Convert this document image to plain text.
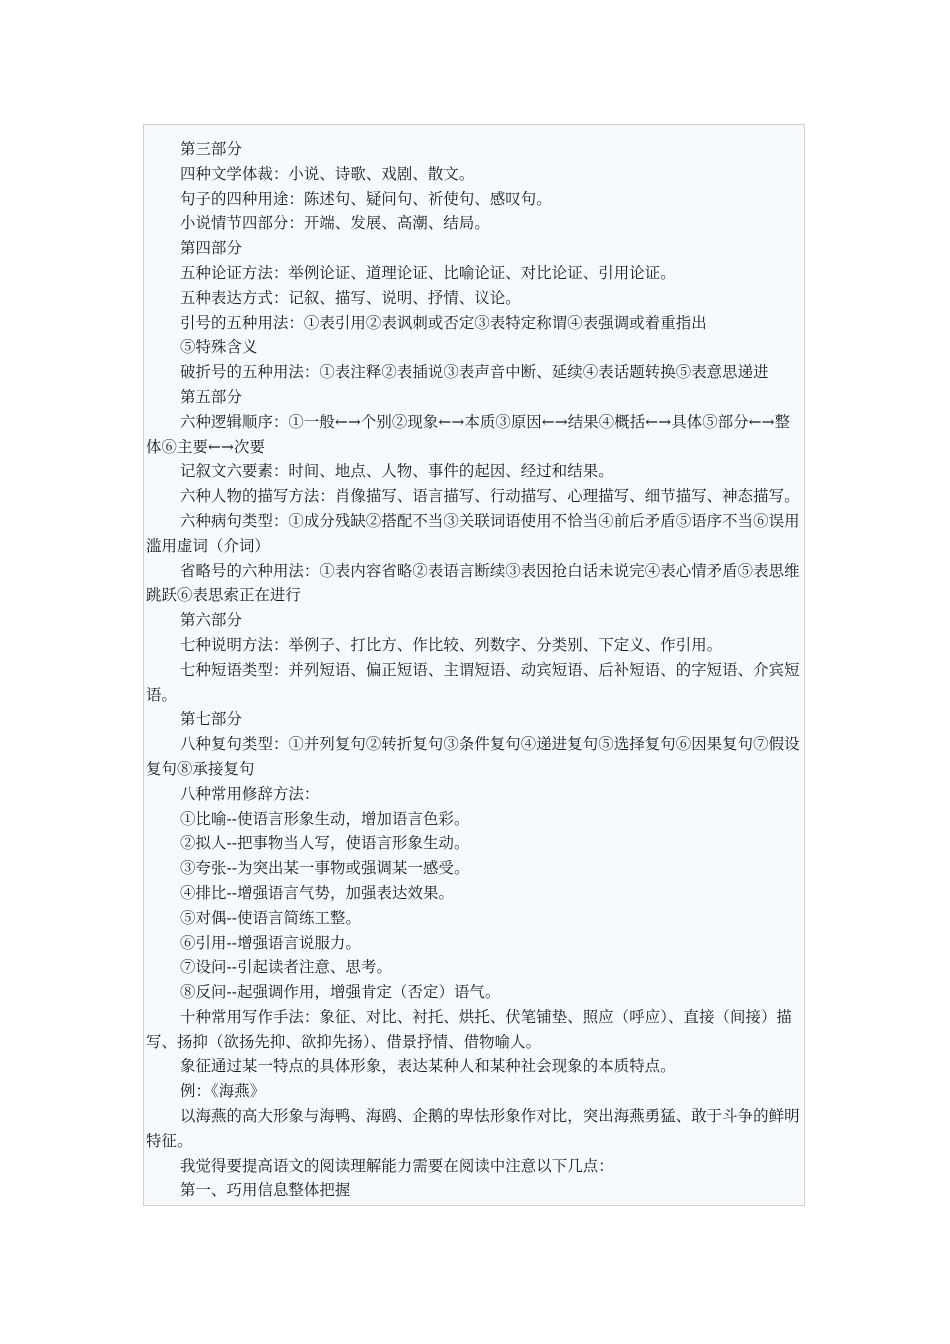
第三部分

四种文学体裁：小说、诗歌、戏剧、散文。

句子的四种用途：陈述句、疑问句、祈使句、感叹句。

小说情节四部分：开端、发展、高潮、结局。

第四部分

五种论证方法：举例论证、道理论证、比喻论证、对比论证、引用论证。

五种表达方式：记叙、描写、说明、抒情、议论。

引号的五种用法：①表引用②表讽刺或否定③表特定称谓④表强调或着重指出

⑤特殊含义

破折号的五种用法：①表注释②表插说③表声音中断、延续④表话题转换⑤表意思递进

第五部分

六种逻辑顺序：①一般←→个别②现象←→本质③原因←→结果④概括←→具体⑤部分←→整体⑥主要←→次要

记叙文六要素：时间、地点、人物、事件的起因、经过和结果。

六种人物的描写方法：肖像描写、语言描写、行动描写、心理描写、细节描写、神态描写。

六种病句类型：①成分残缺②搭配不当③关联词语使用不恰当④前后矛盾⑤语序不当⑥误用滥用虚词（介词）

省略号的六种用法：①表内容省略②表语言断续③表因抢白话未说完④表心情矛盾⑤表思维跳跃⑥表思索正在进行

第六部分

七种说明方法：举例子、打比方、作比较、列数字、分类别、下定义、作引用。

七种短语类型：并列短语、偏正短语、主谓短语、动宾短语、后补短语、的字短语、介宾短语。

第七部分

八种复句类型：①并列复句②转折复句③条件复句④递进复句⑤选择复句⑥因果复句⑦假设复句⑧承接复句

八种常用修辞方法：

①比喻--使语言形象生动，增加语言色彩。

②拟人--把事物当人写，使语言形象生动。

③夸张--为突出某一事物或强调某一感受。

④排比--增强语言气势，加强表达效果。

⑤对偶--使语言简练工整。

⑥引用--增强语言说服力。

⑦设问--引起读者注意、思考。

⑧反问--起强调作用，增强肯定（否定）语气。

十种常用写作手法：象征、对比、衬托、烘托、伏笔铺垫、照应（呼应）、直接（间接）描写、扬抑（欲扬先抑、欲抑先扬）、借景抒情、借物喻人。

象征通过某一特点的具体形象，表达某种人和某种社会现象的本质特点。

例：《海燕》

以海燕的高大形象与海鸭、海鸥、企鹅的卑怯形象作对比，突出海燕勇猛、敢于斗争的鲜明特征。

我觉得要提高语文的阅读理解能力需要在阅读中注意以下几点：

第一、巧用信息整体把握
